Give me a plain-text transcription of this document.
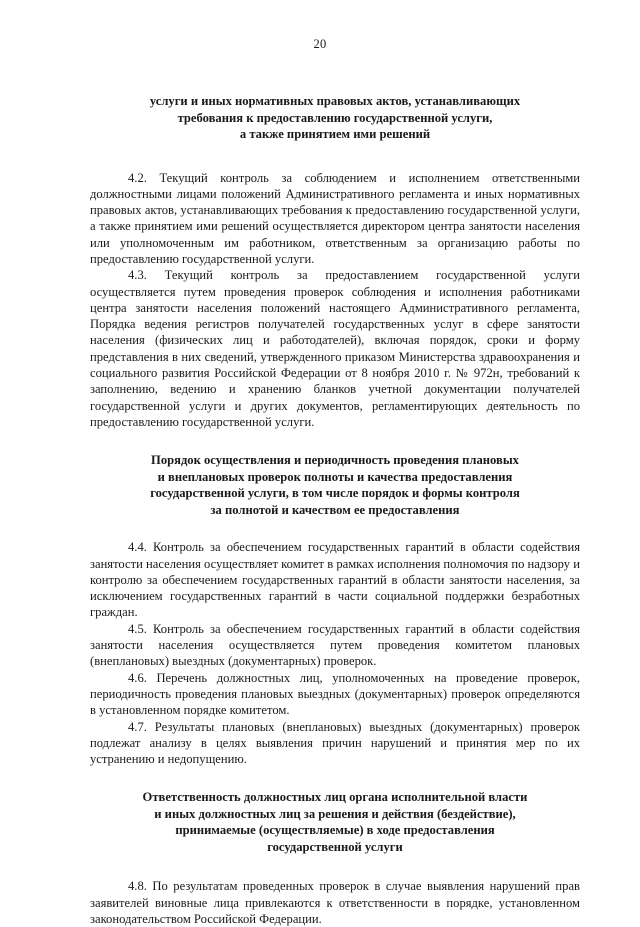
20
услуги и иных нормативных правовых актов, устанавливающих
требования к предоставлению государственной услуги,
а также принятием ими решений

4.2. Текущий контроль за соблюдением и исполнением ответственными должностными лицами положений Административного регламента и иных нормативных правовых актов, устанавливающих требования к предоставлению государственной услуги, а также принятием ими решений осуществляется директором центра занятости населения или уполномоченным им работником, ответственным за организацию работы по предоставлению государственной услуги.

4.3. Текущий контроль за предоставлением государственной услуги осуществляется путем проведения проверок соблюдения и исполнения работниками центра занятости населения положений настоящего Административного регламента, Порядка ведения регистров получателей государственных услуг в сфере занятости населения (физических лиц и работодателей), включая порядок, сроки и форму представления в них сведений, утвержденного приказом Министерства здравоохранения и социального развития Российской Федерации от 8 ноября 2010 г. № 972н, требований к заполнению, ведению и хранению бланков учетной документации получателей государственной услуги и других документов, регламентирующих деятельность по предоставлению государственной услуги.

Порядок осуществления и периодичность проведения плановых
и внеплановых проверок полноты и качества предоставления
государственной услуги, в том числе порядок и формы контроля
за полнотой и качеством ее предоставления

4.4. Контроль за обеспечением государственных гарантий в области содействия занятости населения осуществляет комитет в рамках исполнения полномочия по надзору и контролю за обеспечением государственных гарантий в области занятости населения, за исключением государственных гарантий в части социальной поддержки безработных граждан.

4.5. Контроль за обеспечением государственных гарантий в области содействия занятости населения осуществляется путем проведения комитетом плановых (внеплановых) выездных (документарных) проверок.

4.6. Перечень должностных лиц, уполномоченных на проведение проверок, периодичность проведения плановых выездных (документарных) проверок определяются в установленном порядке комитетом.

4.7. Результаты плановых (внеплановых) выездных (документарных) проверок подлежат анализу в целях выявления причин нарушений и принятия мер по их устранению и недопущению.

Ответственность должностных лиц органа исполнительной власти
и иных должностных лиц за решения и действия (бездействие),
принимаемые (осуществляемые) в ходе предоставления
государственной услуги

4.8. По результатам проведенных проверок в случае выявления нарушений прав заявителей виновные лица привлекаются к ответственности в порядке, установленном законодательством Российской Федерации.
